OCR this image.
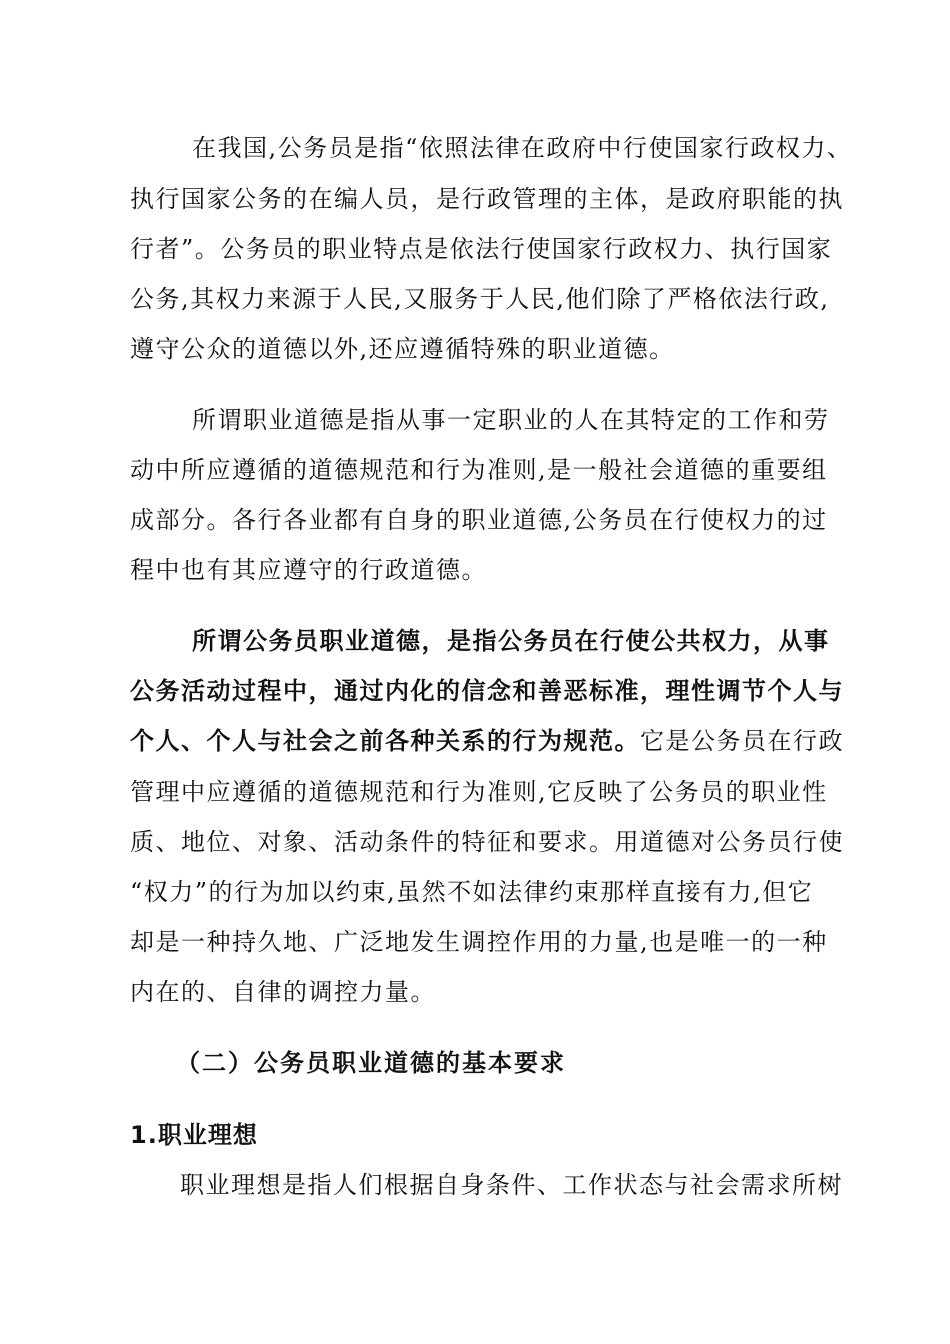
在我国,公务员是指“依照法律在政府中行使国家行政权力、

执行国家公务的在编人员，是行政管理的主体，是政府职能的执

行者”。公务员的职业特点是依法行使国家行政权力、执行国家

公务,其权力来源于人民,又服务于人民,他们除了严格依法行政,

遵守公众的道德以外,还应遵循特殊的职业道德。

所谓职业道德是指从事一定职业的人在其特定的工作和劳

动中所应遵循的道德规范和行为准则,是一般社会道德的重要组

成部分。各行各业都有自身的职业道德,公务员在行使权力的过

程中也有其应遵守的行政道德。

所谓公务员职业道德，是指公务员在行使公共权力，从事

公务活动过程中，通过内化的信念和善恶标准，理性调节个人与

个人、个人与社会之前各种关系的行为规范。它是公务员在行政

管理中应遵循的道德规范和行为准则,它反映了公务员的职业性

质、地位、对象、活动条件的特征和要求。用道德对公务员行使

“权力”的行为加以约束,虽然不如法律约束那样直接有力,但它

却是一种持久地、广泛地发生调控作用的力量,也是唯一的一种

内在的、自律的调控力量。

（二）公务员职业道德的基本要求
1.职业理想

职业理想是指人们根据自身条件、工作状态与社会需求所树
